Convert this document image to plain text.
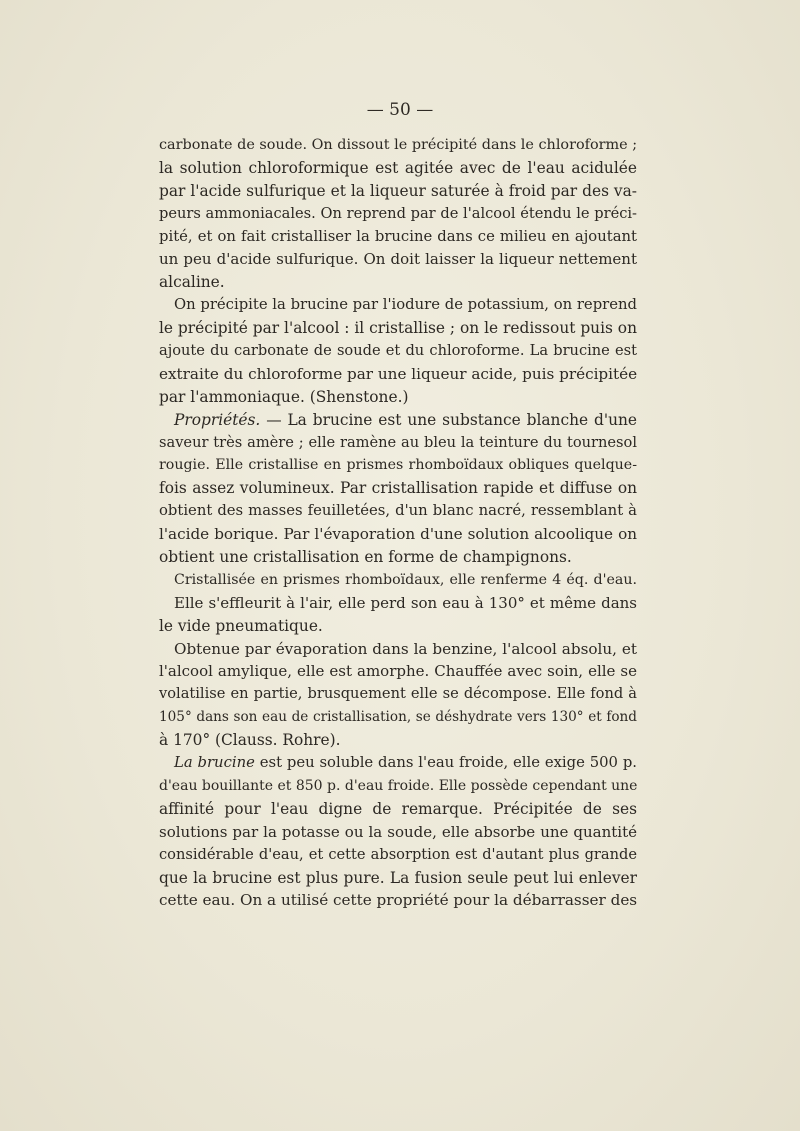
— 50 —
carbonate de soude. On dissout le précipité dans le chloroforme ;
la solution chloroformique est agitée avec de l'eau acidulée
par l'acide sulfurique et la liqueur saturée à froid par des va-
peurs ammoniacales. On reprend par de l'alcool étendu le préci-
pité, et on fait cristalliser la brucine dans ce milieu en ajoutant
un peu d'acide sulfurique. On doit laisser la liqueur nettement
alcaline.
On précipite la brucine par l'iodure de potassium, on reprend
le précipité par l'alcool : il cristallise ; on le redissout puis on
ajoute du carbonate de soude et du chloroforme. La brucine est
extraite du chloroforme par une liqueur acide, puis précipitée
par l'ammoniaque. (Shenstone.)
Propriétés. — La brucine est une substance blanche d'une
saveur très amère ; elle ramène au bleu la teinture du tournesol
rougie. Elle cristallise en prismes rhomboïdaux obliques quelque-
fois assez volumineux. Par cristallisation rapide et diffuse on
obtient des masses feuilletées, d'un blanc nacré, ressemblant à
l'acide borique. Par l'évaporation d'une solution alcoolique on
obtient une cristallisation en forme de champignons.
Cristallisée en prismes rhomboïdaux, elle renferme 4 éq. d'eau.
Elle s'effleurit à l'air, elle perd son eau à 130° et même dans
le vide pneumatique.
Obtenue par évaporation dans la benzine, l'alcool absolu, et
l'alcool amylique, elle est amorphe. Chauffée avec soin, elle se
volatilise en partie, brusquement elle se décompose. Elle fond à
105° dans son eau de cristallisation, se déshydrate vers 130° et fond
à 170° (Clauss. Rohre).
La brucine est peu soluble dans l'eau froide, elle exige 500 p.
d'eau bouillante et 850 p. d'eau froide. Elle possède cependant une
affinité pour l'eau digne de remarque. Précipitée de ses
solutions par la potasse ou la soude, elle absorbe une quantité
considérable d'eau, et cette absorption est d'autant plus grande
que la brucine est plus pure. La fusion seule peut lui enlever
cette eau. On a utilisé cette propriété pour la débarrasser des
